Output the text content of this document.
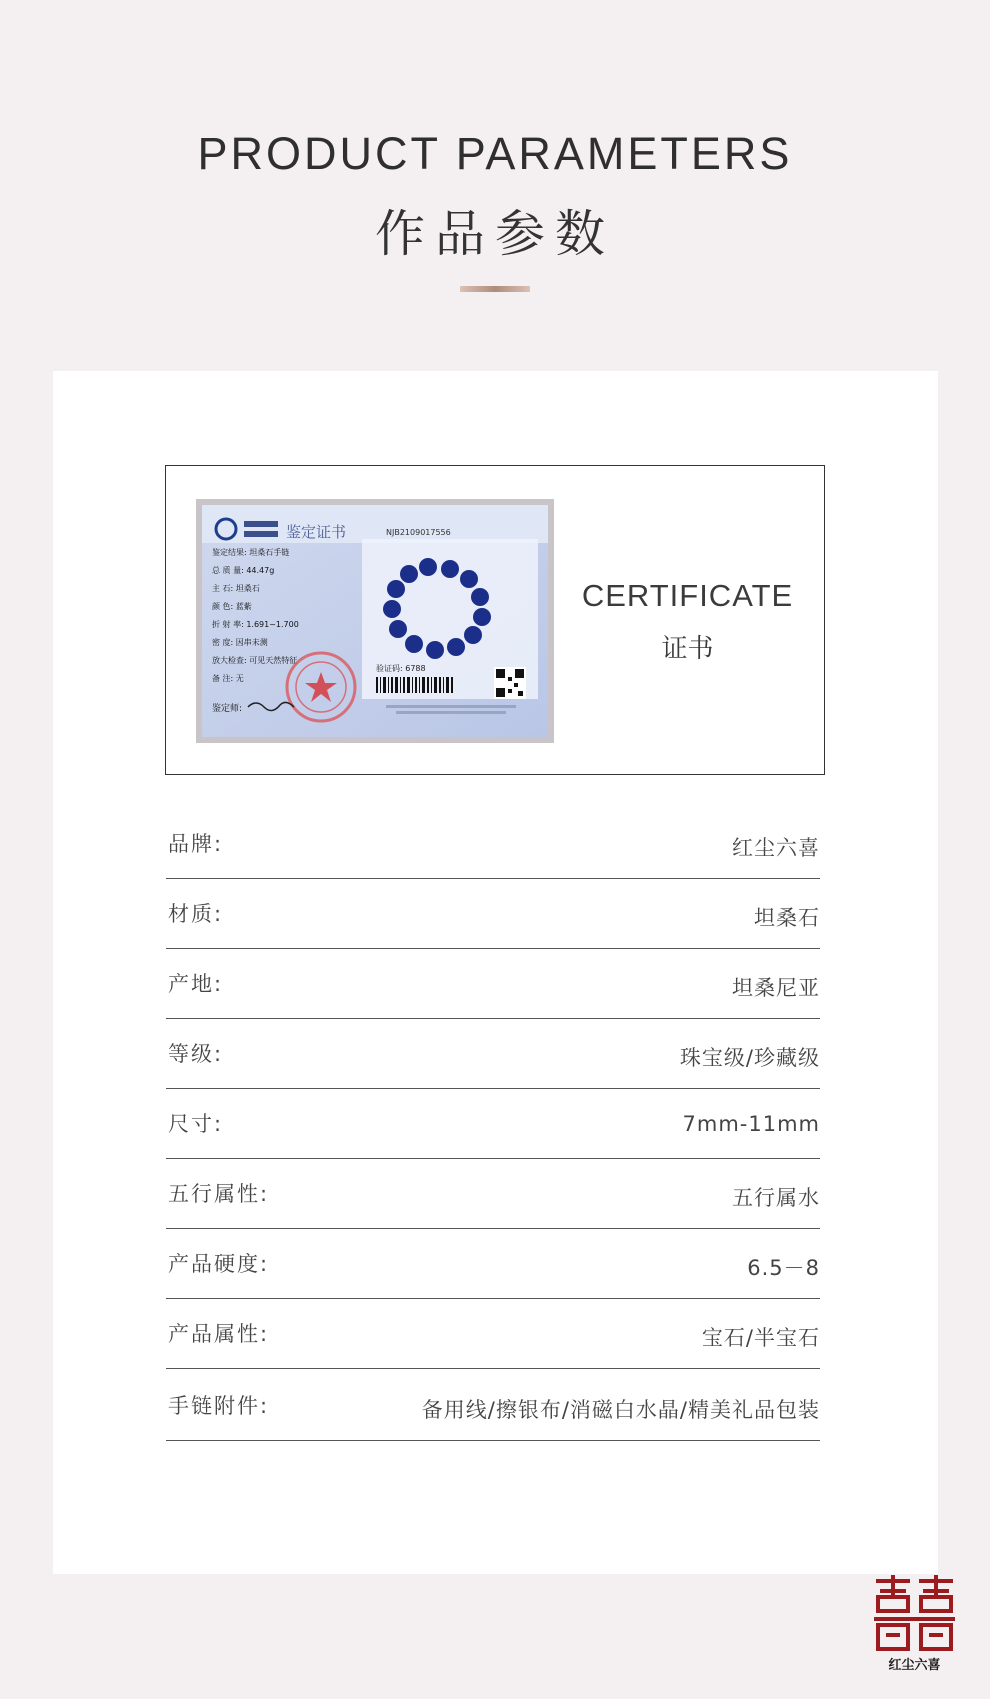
PRODUCT PARAMETERS
作品参数
鉴定证书	NJB2109017556
鉴定结果: 坦桑石手链
总 质 量: 44.47g
主 石: 坦桑石
颜 色: 蓝紫
折 射 率: 1.691~1.700
密 度: 因串未测
放大检查: 可见天然特征
备 注: 无
鉴定师:
验证码: 6788
CERTIFICATE
证书
品牌:	红尘六喜
材质:	坦桑石
产地:	坦桑尼亚
等级:	珠宝级/珍藏级
尺寸:	7mm-11mm
五行属性:	五行属水
产品硬度:	6.5－8
产品属性:	宝石/半宝石
手链附件:	备用线/擦银布/消磁白水晶/精美礼品包装
红尘六喜
